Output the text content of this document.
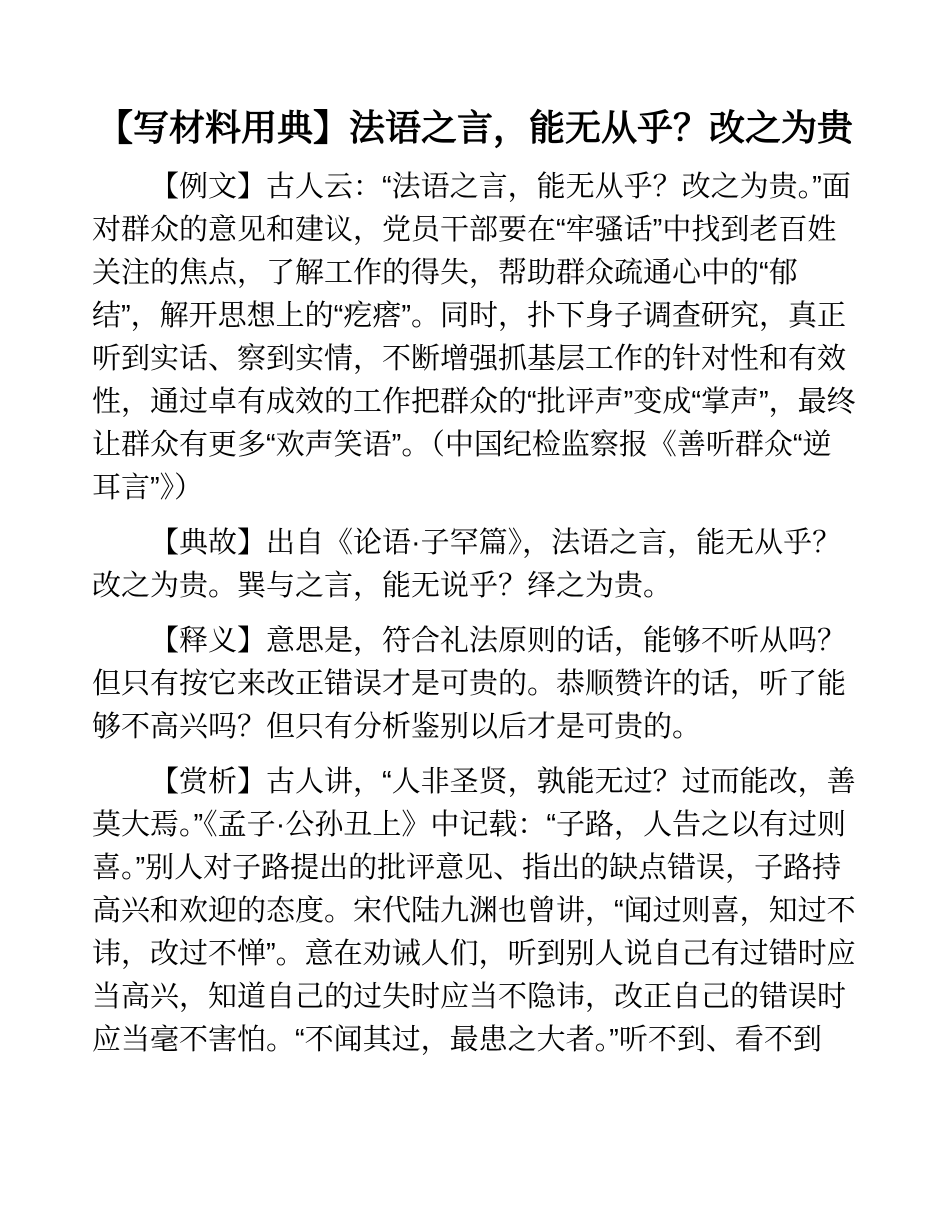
【写材料用典】法语之言，能无从乎？改之为贵

【例文】古人云：“法语之言，能无从乎？改之为贵。”面对群众的意见和建议，党员干部要在“牢骚话”中找到老百姓关注的焦点，了解工作的得失，帮助群众疏通心中的“郁结”，解开思想上的“疙瘩”。同时，扑下身子调查研究，真正听到实话、察到实情，不断增强抓基层工作的针对性和有效性，通过卓有成效的工作把群众的“批评声”变成“掌声”，最终让群众有更多“欢声笑语”。（中国纪检监察报《善听群众“逆耳言”》）

【典故】出自《论语·子罕篇》，法语之言，能无从乎？改之为贵。巽与之言，能无说乎？绎之为贵。

【释义】意思是，符合礼法原则的话，能够不听从吗？但只有按它来改正错误才是可贵的。恭顺赞许的话，听了能够不高兴吗？但只有分析鉴别以后才是可贵的。

【赏析】古人讲，“人非圣贤，孰能无过？过而能改，善莫大焉。”《孟子·公孙丑上》中记载：“子路，人告之以有过则喜。”别人对子路提出的批评意见、指出的缺点错误，子路持高兴和欢迎的态度。宋代陆九渊也曾讲，“闻过则喜，知过不讳，改过不惮”。意在劝诫人们，听到别人说自己有过错时应当高兴，知道自己的过失时应当不隐讳，改正自己的错误时应当毫不害怕。“不闻其过，最患之大者。”听不到、看不到
